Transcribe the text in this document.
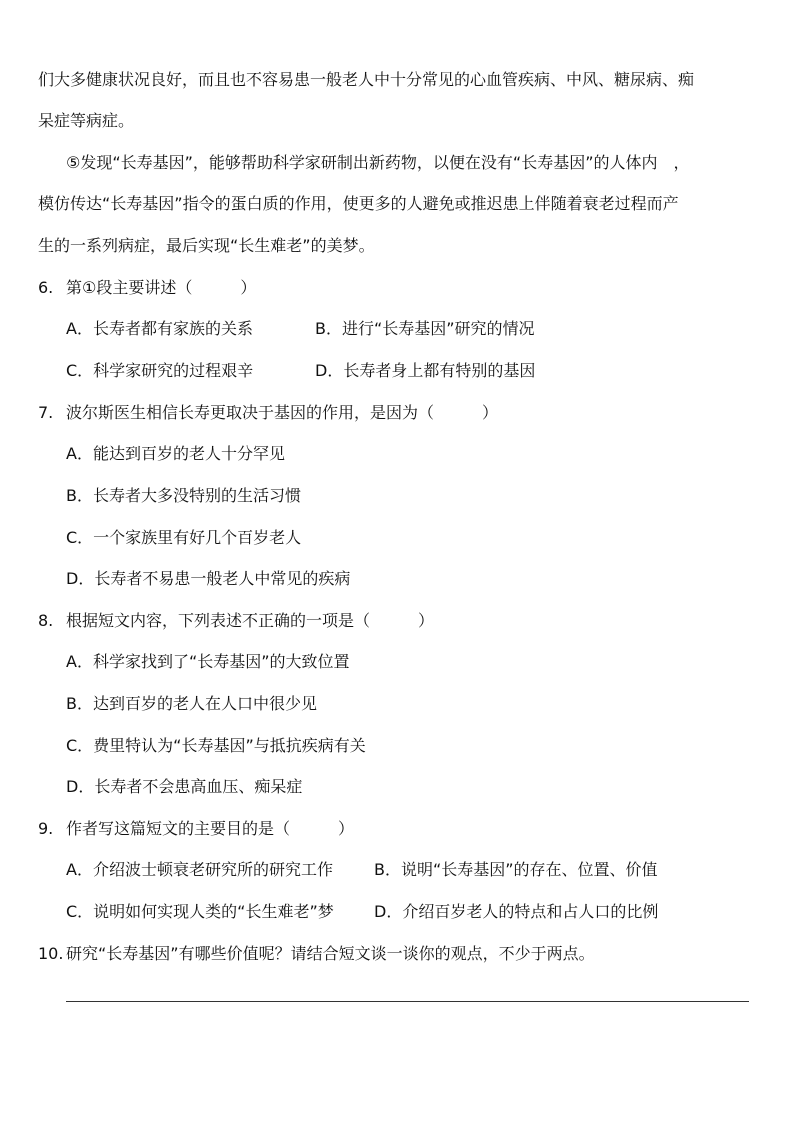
们大多健康状况良好，而且也不容易患一般老人中十分常见的心血管疾病、中风、糖尿病、痴
呆症等病症。
⑤发现“长寿基因”，能够帮助科学家研制出新药物，以便在没有“长寿基因”的人体内　，
模仿传达“长寿基因”指令的蛋白质的作用，使更多的人避免或推迟患上伴随着衰老过程而产
生的一系列病症，最后实现“长生难老”的美梦。
6. 第①段主要讲述（　　　）
A．长寿者都有家族的关系	B．进行“长寿基因”研究的情况
C．科学家研究的过程艰辛	D．长寿者身上都有特别的基因
7. 波尔斯医生相信长寿更取决于基因的作用，是因为（　　　）
A．能达到百岁的老人十分罕见
B．长寿者大多没特别的生活习惯
C．一个家族里有好几个百岁老人
D．长寿者不易患一般老人中常见的疾病
8. 根据短文内容，下列表述不正确的一项是（　　　）
A．科学家找到了“长寿基因”的大致位置
B．达到百岁的老人在人口中很少见
C．费里特认为“长寿基因”与抵抗疾病有关
D．长寿者不会患高血压、痴呆症
9. 作者写这篇短文的主要目的是（　　　）
A．介绍波士顿衰老研究所的研究工作	B．说明“长寿基因”的存在、位置、价值
C．说明如何实现人类的“长生难老”梦	D．介绍百岁老人的特点和占人口的比例
10. 研究“长寿基因”有哪些价值呢？请结合短文谈一谈你的观点，不少于两点。
